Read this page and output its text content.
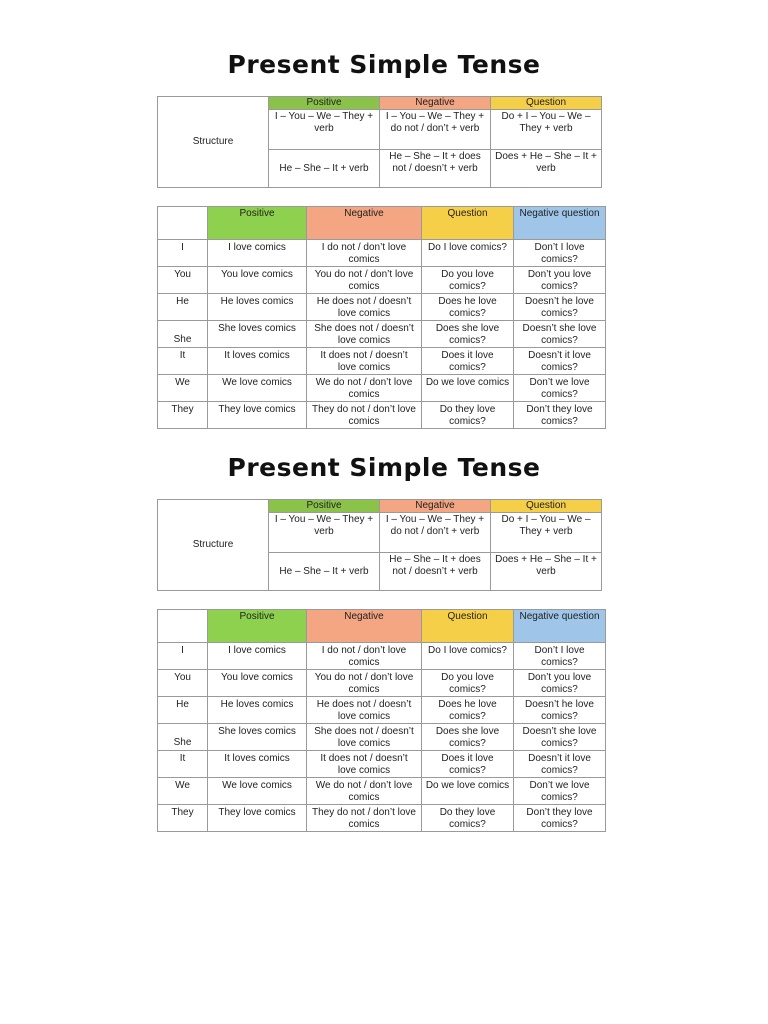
Present Simple Tense
Structure	Positive	Negative	Question
	I – You – We – They + verb	I – You – We – They + do not / don’t + verb	Do + I – You – We – They + verb
	He – She – It + verb	He – She – It + does not / doesn’t + verb	Does + He – She – It + verb
	Positive	Negative	Question	Negative question
I	I love comics	I do not / don’t love comics	Do I love comics?	Don’t I love comics?
You	You love comics	You do not / don’t love comics	Do you love comics?	Don’t you love comics?
He	He loves comics	He does not / doesn’t love comics	Does he love comics?	Doesn’t he love comics?
She	She loves comics	She does not / doesn’t love comics	Does she love comics?	Doesn’t she love comics?
It	It loves comics	It does not / doesn’t love comics	Does it love comics?	Doesn’t it love comics?
We	We love comics	We do not / don’t love comics	Do we love comics	Don’t we love comics?
They	They love comics	They do not / don’t love comics	Do they love comics?	Don’t they love comics?
Present Simple Tense
Structure	Positive	Negative	Question
	I – You – We – They + verb	I – You – We – They + do not / don’t + verb	Do + I – You – We – They + verb
	He – She – It + verb	He – She – It + does not / doesn’t + verb	Does + He – She – It + verb
	Positive	Negative	Question	Negative question
I	I love comics	I do not / don’t love comics	Do I love comics?	Don’t I love comics?
You	You love comics	You do not / don’t love comics	Do you love comics?	Don’t you love comics?
He	He loves comics	He does not / doesn’t love comics	Does he love comics?	Doesn’t he love comics?
She	She loves comics	She does not / doesn’t love comics	Does she love comics?	Doesn’t she love comics?
It	It loves comics	It does not / doesn’t love comics	Does it love comics?	Doesn’t it love comics?
We	We love comics	We do not / don’t love comics	Do we love comics	Don’t we love comics?
They	They love comics	They do not / don’t love comics	Do they love comics?	Don’t they love comics?
